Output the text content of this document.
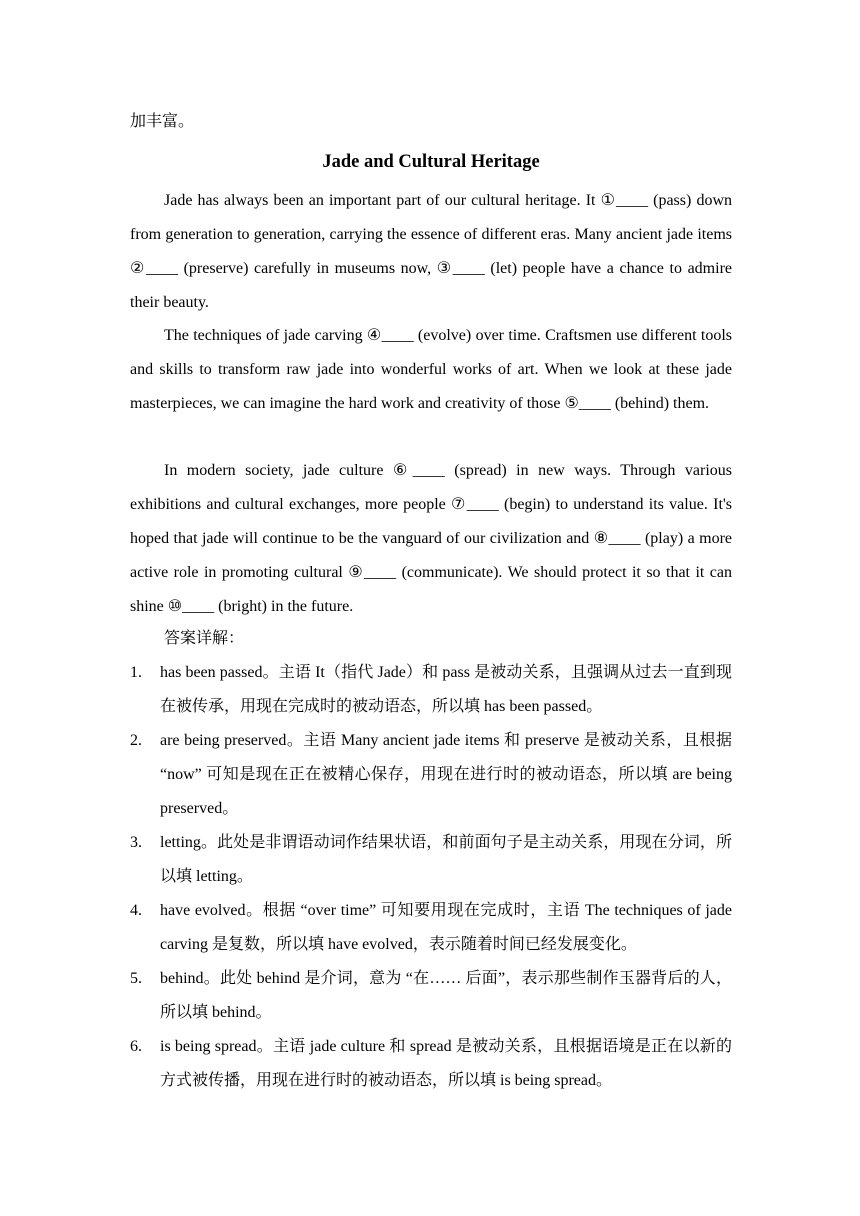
加丰富。
Jade and Cultural Heritage

Jade has always been an important part of our cultural heritage. It ①____ (pass) down from generation to generation, carrying the essence of different eras. Many ancient jade items ②____ (preserve) carefully in museums now, ③____ (let) people have a chance to admire their beauty.

The techniques of jade carving ④____ (evolve) over time. Craftsmen use different tools and skills to transform raw jade into wonderful works of art. When we look at these jade masterpieces, we can imagine the hard work and creativity of those ⑤____ (behind) them.

In modern society, jade culture ⑥____ (spread) in new ways. Through various exhibitions and cultural exchanges, more people ⑦____ (begin) to understand its value. It's hoped that jade will continue to be the vanguard of our civilization and ⑧____ (play) a more active role in promoting cultural ⑨____ (communicate). We should protect it so that it can shine ⑩____ (bright) in the future.

答案详解：
1. has been passed。主语 It（指代 Jade）和 pass 是被动关系，且强调从过去一直到现在被传承，用现在完成时的被动语态，所以填 has been passed。
2. are being preserved。主语 Many ancient jade items 和 preserve 是被动关系，且根据 “now” 可知是现在正在被精心保存，用现在进行时的被动语态，所以填 are being preserved。
3. letting。此处是非谓语动词作结果状语，和前面句子是主动关系，用现在分词，所以填 letting。
4. have evolved。根据 “over time” 可知要用现在完成时，主语 The techniques of jade carving 是复数，所以填 have evolved，表示随着时间已经发展变化。
5. behind。此处 behind 是介词，意为 “在…… 后面”，表示那些制作玉器背后的人，所以填 behind。
6. is being spread。主语 jade culture 和 spread 是被动关系，且根据语境是正在以新的方式被传播，用现在进行时的被动语态，所以填 is being spread。
